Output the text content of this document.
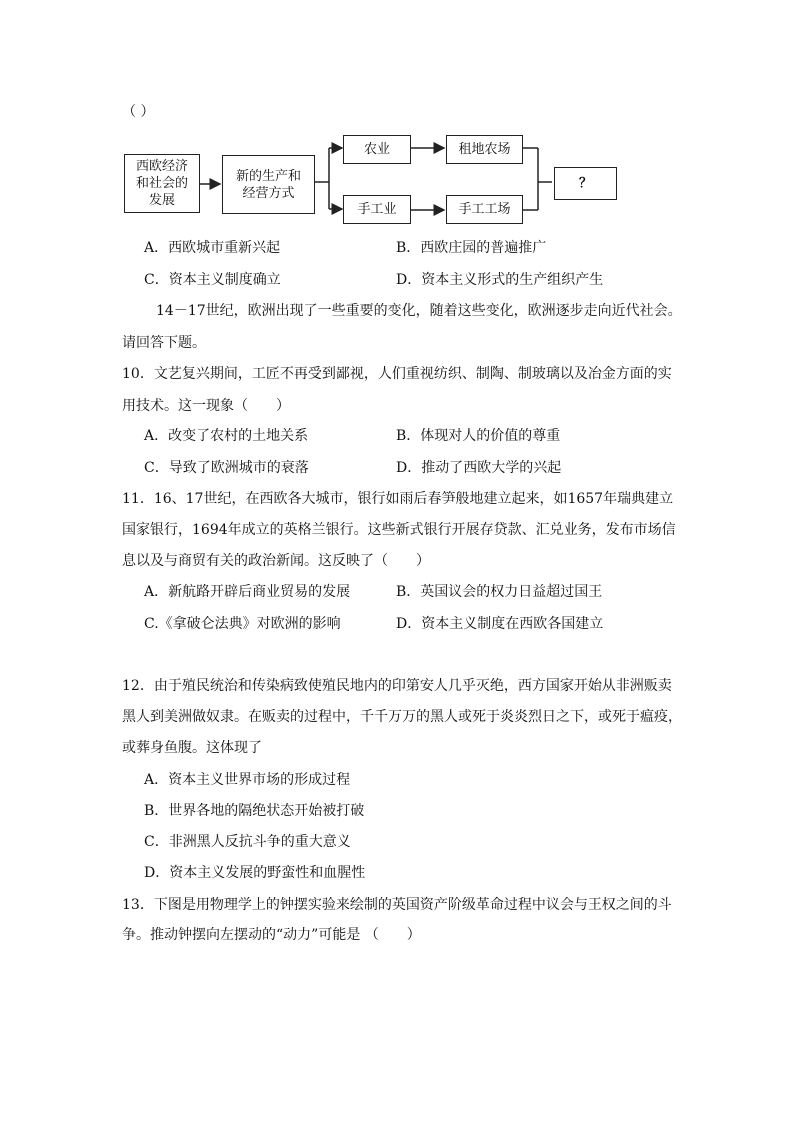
（ ）
西欧经济
和社会的
发展
新的生产和
经营方式
农业
手工业
租地农场
手工工场
？
A．西欧城市重新兴起	B．西欧庄园的普遍推广
C．资本主义制度确立	D．资本主义形式的生产组织产生
14－17世纪，欧洲出现了一些重要的变化，随着这些变化，欧洲逐步走向近代社会。
请回答下题。
10．文艺复兴期间，工匠不再受到鄙视，人们重视纺织、制陶、制玻璃以及冶金方面的实
用技术。这一现象（　　）
A．改变了农村的土地关系	B．体现对人的价值的尊重
C．导致了欧洲城市的衰落	D．推动了西欧大学的兴起
11．16、17世纪，在西欧各大城市，银行如雨后春笋般地建立起来，如1657年瑞典建立
国家银行，1694年成立的英格兰银行。这些新式银行开展存贷款、汇兑业务，发布市场信
息以及与商贸有关的政治新闻。这反映了（　　）
A．新航路开辟后商业贸易的发展	B．英国议会的权力日益超过国王
C.《拿破仑法典》对欧洲的影响	D．资本主义制度在西欧各国建立
12．由于殖民统治和传染病致使殖民地内的印第安人几乎灭绝，西方国家开始从非洲贩卖
黑人到美洲做奴隶。在贩卖的过程中，千千万万的黑人或死于炎炎烈日之下，或死于瘟疫，
或葬身鱼腹。这体现了
A．资本主义世界市场的形成过程
B．世界各地的隔绝状态开始被打破
C．非洲黑人反抗斗争的重大意义
D．资本主义发展的野蛮性和血腥性
13．下图是用物理学上的钟摆实验来绘制的英国资产阶级革命过程中议会与王权之间的斗
争。推动钟摆向左摆动的“动力”可能是 （　　）
